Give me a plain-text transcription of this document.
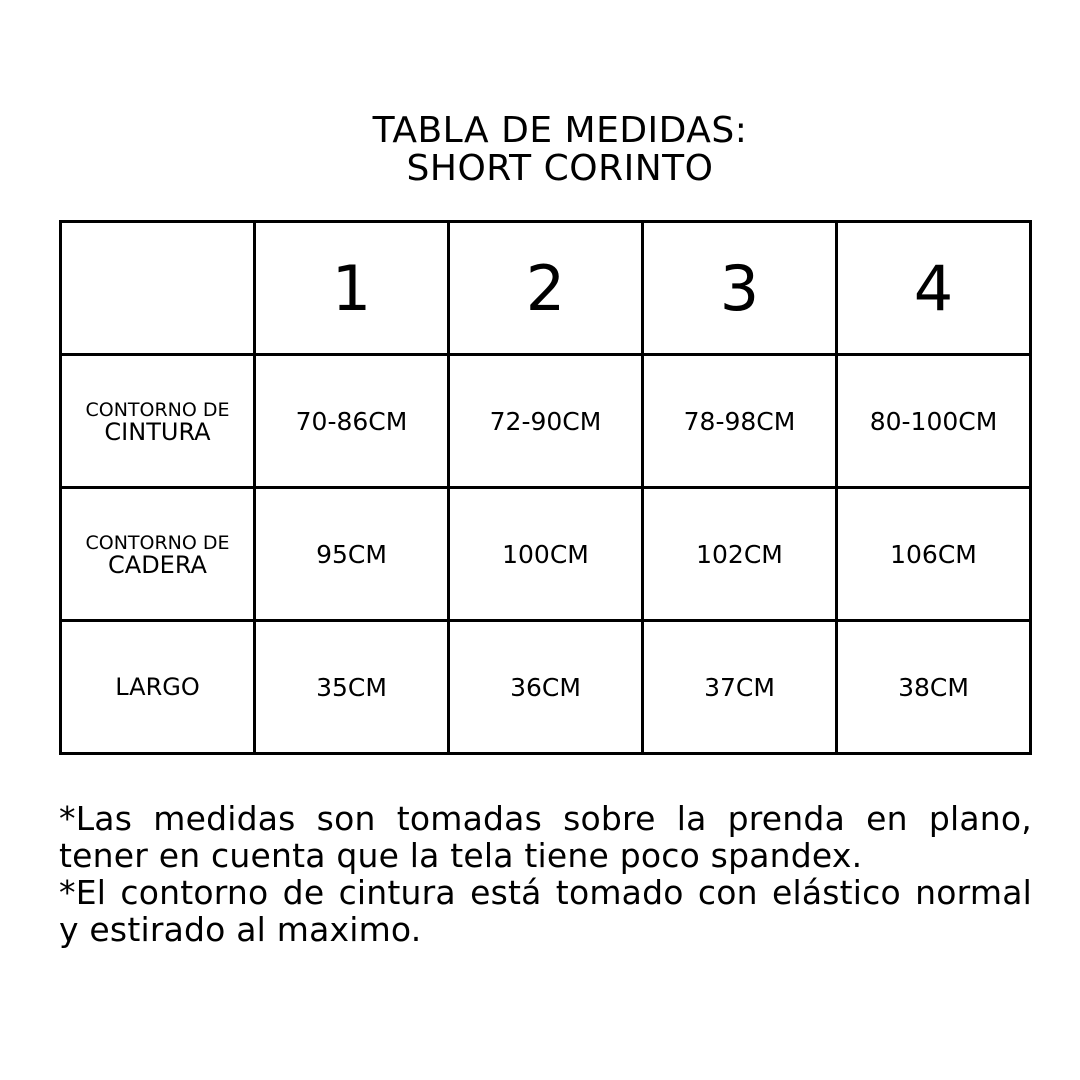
TABLA DE MEDIDAS:
SHORT CORINTO
	1	2	3	4

CONTORNO DE
CINTURA	70-86CM	72-90CM	78-98CM	80-100CM

CONTORNO DE
CADERA	95CM	100CM	102CM	106CM
LARGO	35CM	36CM	37CM	38CM

*Las medidas son tomadas sobre la prenda en plano, tener en cuenta que la tela tiene poco spandex.

*El contorno de cintura está tomado con elástico normal y estirado al maximo.
